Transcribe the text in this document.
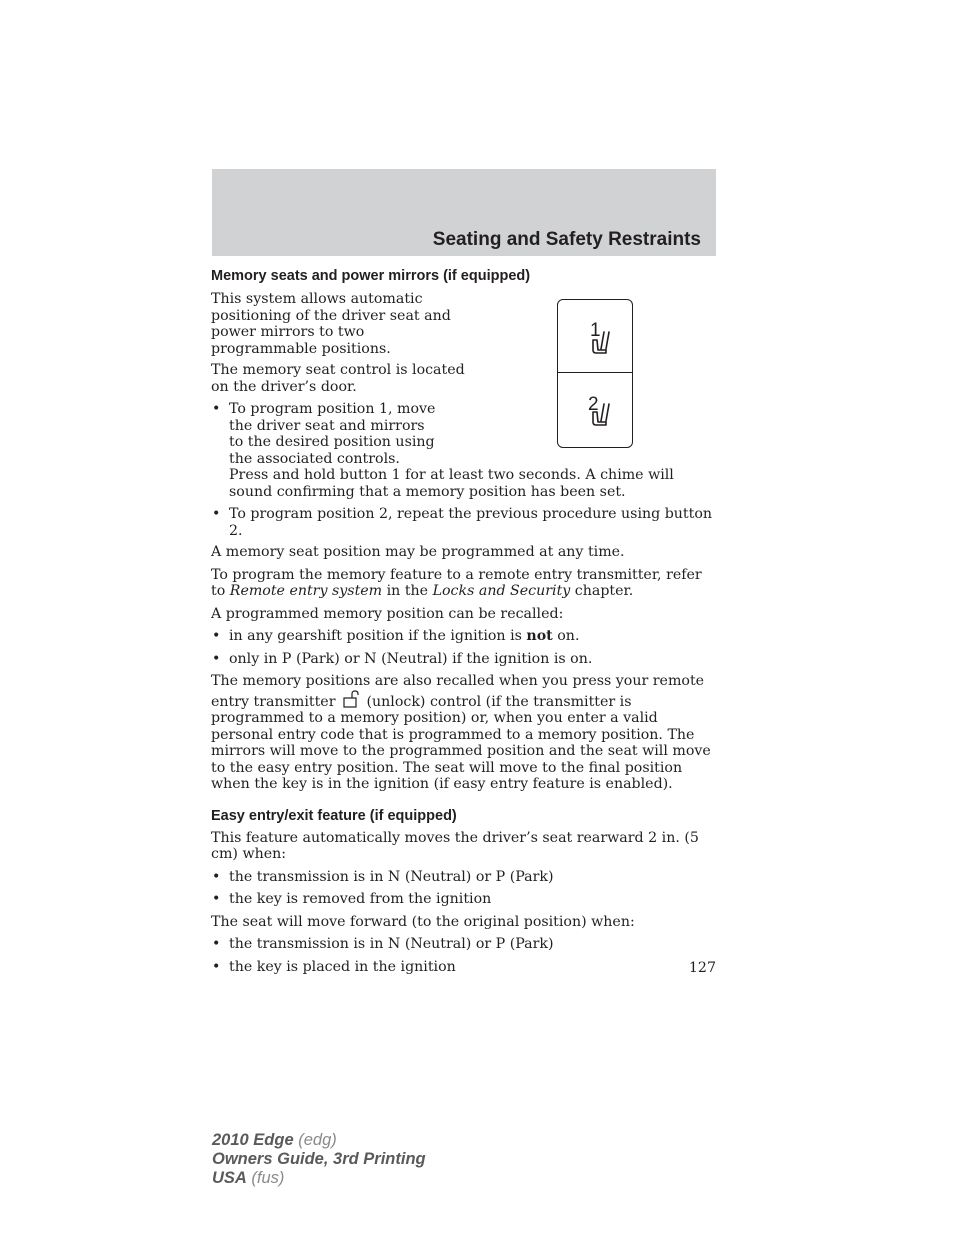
Seating and Safety Restraints
1
2
Memory seats and power mirrors (if equipped)

This system allows automatic positioning of the driver seat and power mirrors to two programmable positions.

The memory seat control is located on the driver’s door.

• To program position 1, move the driver seat and mirrors to the desired position using the associated controls. Press and hold button 1 for at least two seconds. A chime will sound confirming that a memory position has been set.
• To program position 2, repeat the previous procedure using button 2.

A memory seat position may be programmed at any time.

To program the memory feature to a remote entry transmitter, refer to Remote entry system in the Locks and Security chapter.

A programmed memory position can be recalled:

• in any gearshift position if the ignition is not on.
• only in P (Park) or N (Neutral) if the ignition is on.

The memory positions are also recalled when you press your remote entry transmitter  (unlock) control (if the transmitter is programmed to a memory position) or, when you enter a valid personal entry code that is programmed to a memory position. The mirrors will move to the programmed position and the seat will move to the easy entry position. The seat will move to the final position when the key is in the ignition (if easy entry feature is enabled).

Easy entry/exit feature (if equipped)

This feature automatically moves the driver’s seat rearward 2 in. (5 cm) when:

• the transmission is in N (Neutral) or P (Park)
• the key is removed from the ignition

The seat will move forward (to the original position) when:

• the transmission is in N (Neutral) or P (Park)
• the key is placed in the ignition	127
2010 Edge (edg)
Owners Guide, 3rd Printing
USA (fus)
